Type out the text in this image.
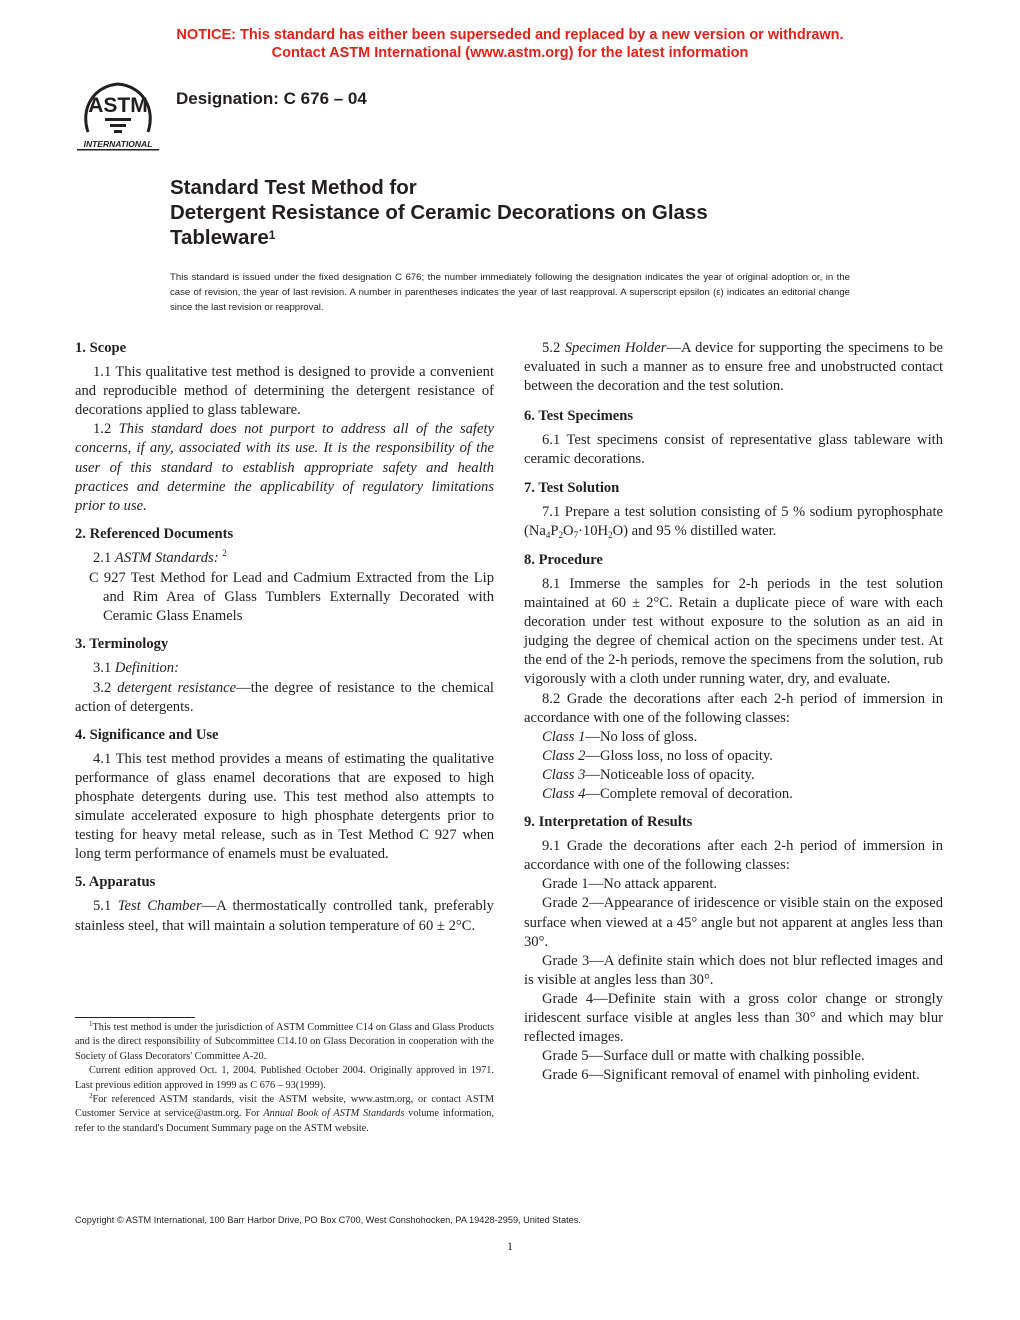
NOTICE: This standard has either been superseded and replaced by a new version or withdrawn.
Contact ASTM International (www.astm.org) for the latest information
ASTM
INTERNATIONAL
Designation: C 676 – 04
Standard Test Method for
Detergent Resistance of Ceramic Decorations on Glass
Tableware$^1$
This standard is issued under the fixed designation C 676; the number immediately following the designation indicates the year of original adoption or, in the case of revision, the year of last revision. A number in parentheses indicates the year of last reapproval. A superscript epsilon (ε) indicates an editorial change since the last revision or reapproval.

1. Scope

1.1 This qualitative test method is designed to provide a convenient and reproducible method of determining the detergent resistance of decorations applied to glass tableware.

1.2 This standard does not purport to address all of the safety concerns, if any, associated with its use. It is the responsibility of the user of this standard to establish appropriate safety and health practices and determine the applicability of regulatory limitations prior to use.

2. Referenced Documents

2.1 ASTM Standards: $^2$

C 927 Test Method for Lead and Cadmium Extracted from the Lip and Rim Area of Glass Tumblers Externally Decorated with Ceramic Glass Enamels

3. Terminology

3.1 Definition:

3.2 detergent resistance—the degree of resistance to the chemical action of detergents.

4. Significance and Use

4.1 This test method provides a means of estimating the qualitative performance of glass enamel decorations that are exposed to high phosphate detergents during use. This test method also attempts to simulate accelerated exposure to high phosphate detergents prior to testing for heavy metal release, such as in Test Method C 927 when long term performance of enamels must be evaluated.

5. Apparatus

5.1 Test Chamber—A thermostatically controlled tank, preferably stainless steel, that will maintain a solution temperature of 60 ± 2°C.

$^1$This test method is under the jurisdiction of ASTM Committee C14 on Glass and Glass Products and is the direct responsibility of Subcommittee C14.10 on Glass Decoration in cooperation with the Society of Glass Decorators' Committee A-20.

Current edition approved Oct. 1, 2004. Published October 2004. Originally approved in 1971. Last previous edition approved in 1999 as C 676 – 93(1999).

$^2$For referenced ASTM standards, visit the ASTM website, www.astm.org, or contact ASTM Customer Service at service@astm.org. For Annual Book of ASTM Standards volume information, refer to the standard's Document Summary page on the ASTM website.

5.2 Specimen Holder—A device for supporting the specimens to be evaluated in such a manner as to ensure free and unobstructed contact between the decoration and the test solution.

6. Test Specimens

6.1 Test specimens consist of representative glass tableware with ceramic decorations.

7. Test Solution

7.1 Prepare a test solution consisting of 5 % sodium pyrophosphate $(Na_4P_2O_7\cdot 10H_2O)$ and 95 % distilled water.

8. Procedure

8.1 Immerse the samples for 2-h periods in the test solution maintained at 60 ± 2°C. Retain a duplicate piece of ware with each decoration under test without exposure to the solution as an aid in judging the degree of chemical action on the specimens under test. At the end of the 2-h periods, remove the specimens from the solution, rub vigorously with a cloth under running water, dry, and evaluate.

8.2 Grade the decorations after each 2-h period of immersion in accordance with one of the following classes:

Class 1—No loss of gloss.

Class 2—Gloss loss, no loss of opacity.

Class 3—Noticeable loss of opacity.

Class 4—Complete removal of decoration.

9. Interpretation of Results

9.1 Grade the decorations after each 2-h period of immersion in accordance with one of the following classes:

Grade 1—No attack apparent.

Grade 2—Appearance of iridescence or visible stain on the exposed surface when viewed at a 45° angle but not apparent at angles less than 30°.

Grade 3—A definite stain which does not blur reflected images and is visible at angles less than 30°.

Grade 4—Definite stain with a gross color change or strongly iridescent surface visible at angles less than 30° and which may blur reflected images.

Grade 5—Surface dull or matte with chalking possible.

Grade 6—Significant removal of enamel with pinholing evident.

Copyright © ASTM International, 100 Barr Harbor Drive, PO Box C700, West Conshohocken, PA 19428-2959, United States.
1
